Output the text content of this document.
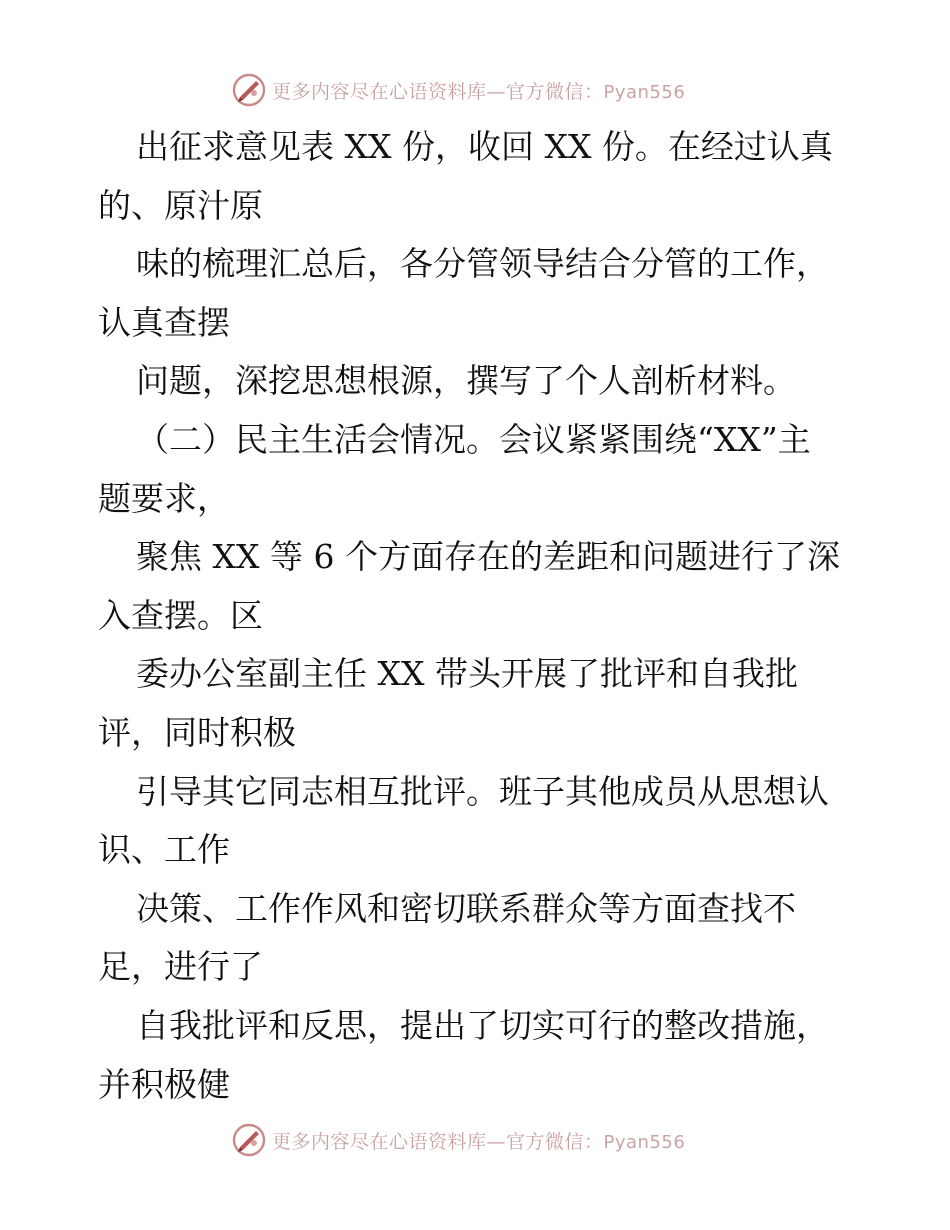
更多内容尽在心语资料库—官方微信：Pyan556
出征求意见表 XX 份，收回 XX 份。在经过认真
的、原汁原
味的梳理汇总后，各分管领导结合分管的工作，
认真查摆
问题，深挖思想根源，撰写了个人剖析材料。
（二）民主生活会情况。会议紧紧围绕“XX”主
题要求，
聚焦 XX 等 6 个方面存在的差距和问题进行了深
入查摆。区
委办公室副主任 XX 带头开展了批评和自我批
评，同时积极
引导其它同志相互批评。班子其他成员从思想认
识、工作
决策、工作作风和密切联系群众等方面查找不
足，进行了
自我批评和反思，提出了切实可行的整改措施，
并积极健
更多内容尽在心语资料库—官方微信：Pyan556
